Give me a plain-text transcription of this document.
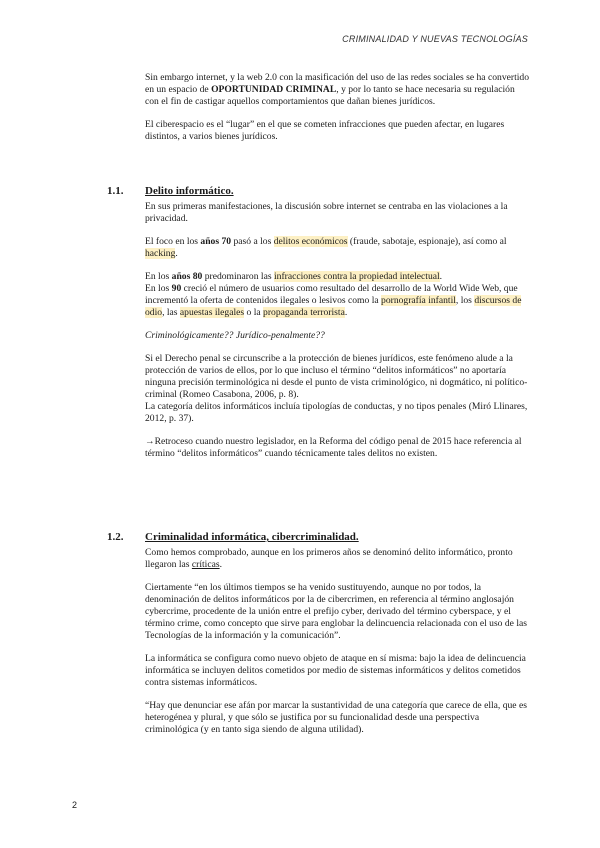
CRIMINALIDAD Y NUEVAS TECNOLOGÍAS

Sin embargo internet, y la web 2.0 con la masificación del uso de las redes sociales se ha convertido en un espacio de OPORTUNIDAD CRIMINAL, y por lo tanto se hace necesaria su regulación con el fin de castigar aquellos comportamientos que dañan bienes jurídicos.

El ciberespacio es el “lugar” en el que se cometen infracciones que pueden afectar, en lugares distintos, a varios bienes jurídicos.

1.1. Delito informático.

En sus primeras manifestaciones, la discusión sobre internet se centraba en las violaciones a la privacidad.

El foco en los años 70 pasó a los delitos económicos (fraude, sabotaje, espionaje), así como al hacking.

En los años 80 predominaron las infracciones contra la propiedad intelectual.
En los 90 creció el número de usuarios como resultado del desarrollo de la World Wide Web, que incrementó la oferta de contenidos ilegales o lesivos como la pornografía infantil, los discursos de odio, las apuestas ilegales o la propaganda terrorista.

Criminológicamente?? Jurídico-penalmente??

Si el Derecho penal se circunscribe a la protección de bienes jurídicos, este fenómeno alude a la protección de varios de ellos, por lo que incluso el término “delitos informáticos” no aportaría ninguna precisión terminológica ni desde el punto de vista criminológico, ni dogmático, ni político-criminal (Romeo Casabona, 2006, p. 8).

La categoría delitos informáticos incluía tipologías de conductas, y no tipos penales (Miró Llinares, 2012, p. 37).

→Retroceso cuando nuestro legislador, en la Reforma del código penal de 2015 hace referencia al término “delitos informáticos” cuando técnicamente tales delitos no existen.

1.2. Criminalidad informática, cibercriminalidad.

Como hemos comprobado, aunque en los primeros años se denominó delito informático, pronto llegaron las críticas.

Ciertamente “en los últimos tiempos se ha venido sustituyendo, aunque no por todos, la denominación de delitos informáticos por la de cibercrimen, en referencia al término anglosajón cybercrime, procedente de la unión entre el prefijo cyber, derivado del término cyberspace, y el término crime, como concepto que sirve para englobar la delincuencia relacionada con el uso de las Tecnologías de la información y la comunicación”.

La informática se configura como nuevo objeto de ataque en sí misma: bajo la idea de delincuencia informática se incluyen delitos cometidos por medio de sistemas informáticos y delitos cometidos contra sistemas informáticos.

“Hay que denunciar ese afán por marcar la sustantividad de una categoría que carece de ella, que es heterogénea y plural, y que sólo se justifica por su funcionalidad desde una perspectiva criminológica (y en tanto siga siendo de alguna utilidad).

2
